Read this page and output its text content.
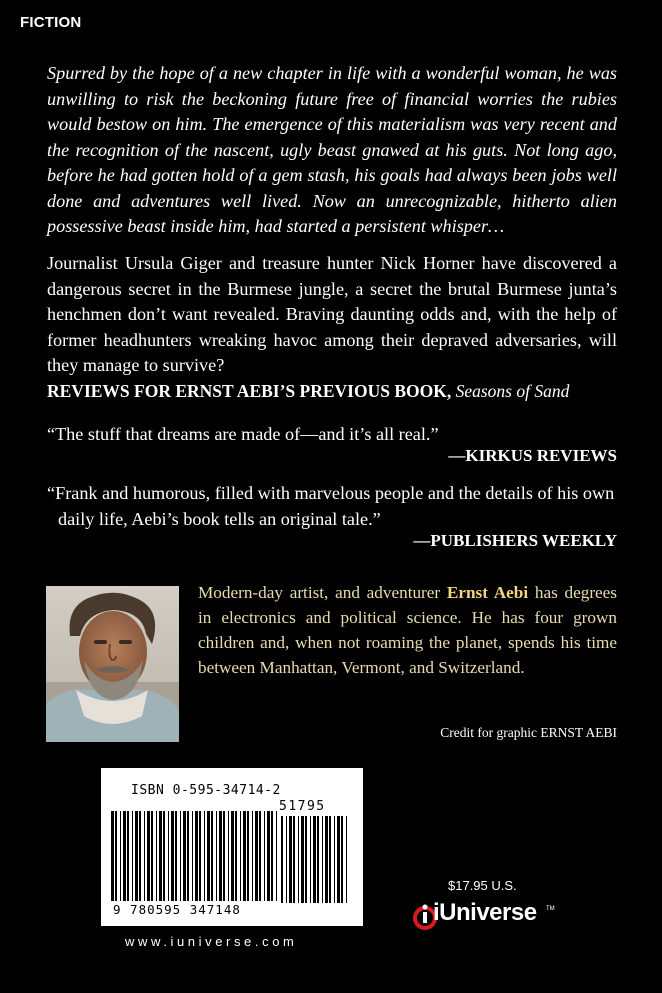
FICTION

Spurred by the hope of a new chapter in life with a wonderful woman, he was unwilling to risk the beckoning future free of financial worries the rubies would bestow on him. The emergence of this materialism was very recent and the recognition of the nascent, ugly beast gnawed at his guts. Not long ago, before he had gotten hold of a gem stash, his goals had always been jobs well done and adventures well lived. Now an unrecognizable, hitherto alien possessive beast inside him, had started a persistent whisper…

Journalist Ursula Giger and treasure hunter Nick Horner have discovered a dangerous secret in the Burmese jungle, a secret the brutal Burmese junta’s henchmen don’t want revealed. Braving daunting odds and, with the help of former headhunters wreaking havoc among their depraved adversaries, will they manage to survive?

REVIEWS FOR ERNST AEBI’S PREVIOUS BOOK, Seasons of Sand

“The stuff that dreams are made of—and it’s all real.”

—KIRKUS REVIEWS

“Frank and humorous, filled with marvelous people and the details of his own
daily life, Aebi’s book tells an original tale.”

—PUBLISHERS WEEKLY

Modern-day artist, and adventurer Ernst Aebi has degrees in electronics and political science. He has four grown children and, when not roaming the planet, spends his time between Manhattan, Vermont, and Switzerland.

Credit for graphic ERNST AEBI
ISBN 0-595-34714-2
51795
9 780595 347148
www.iuniverse.com
$17.95 U.S.
iUniverse TM
